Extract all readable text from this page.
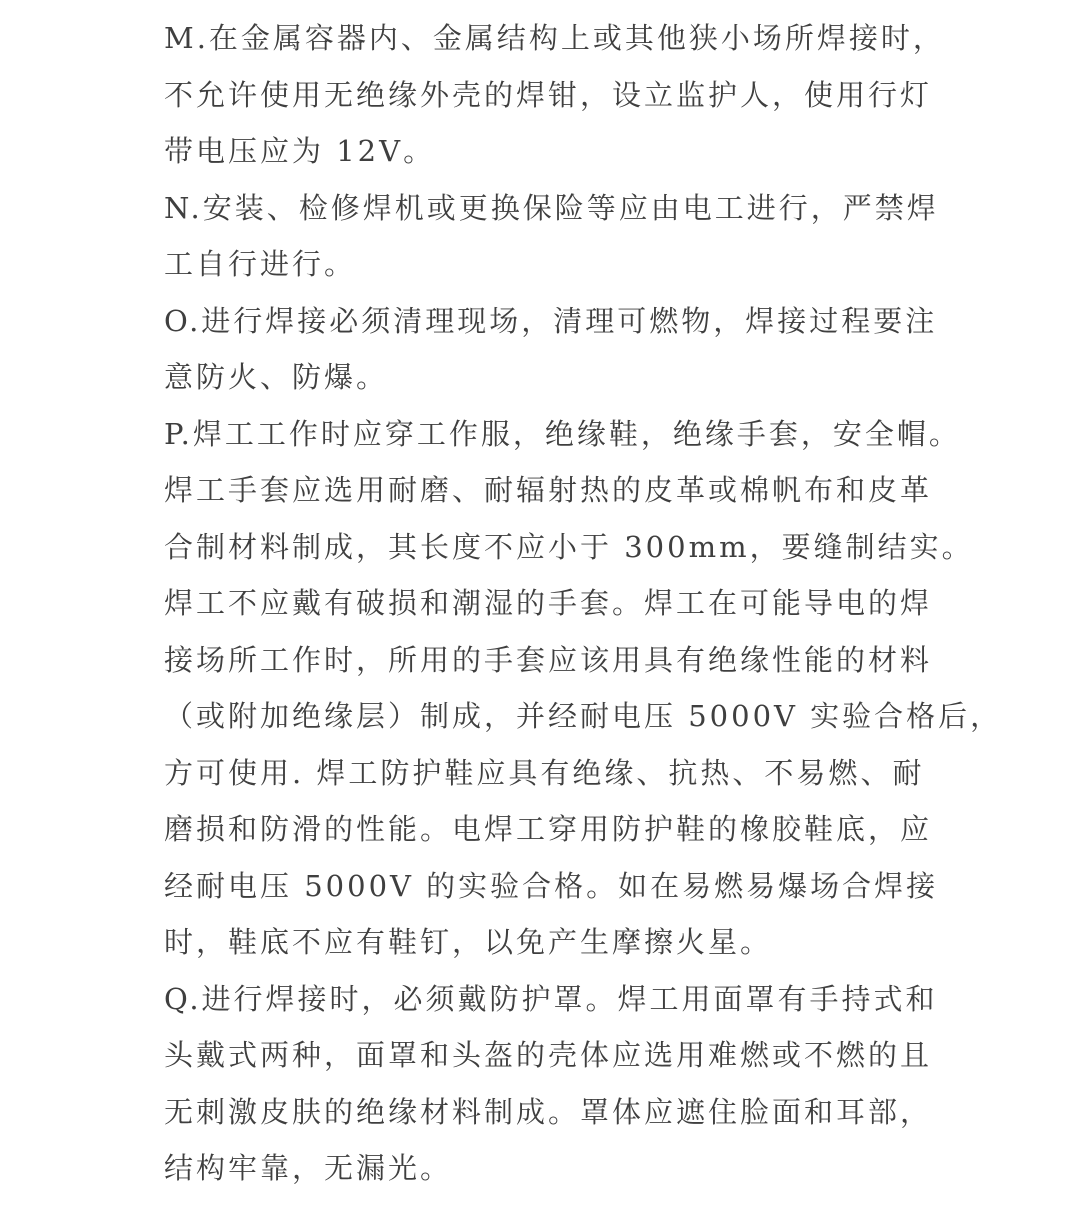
M.在金属容器内、金属结构上或其他狭小场所焊接时，
不允许使用无绝缘外壳的焊钳，设立监护人，使用行灯
带电压应为 12V。
N.安装、检修焊机或更换保险等应由电工进行，严禁焊
工自行进行。
O.进行焊接必须清理现场，清理可燃物，焊接过程要注
意防火、防爆。
P.焊工工作时应穿工作服，绝缘鞋，绝缘手套，安全帽。
焊工手套应选用耐磨、耐辐射热的皮革或棉帆布和皮革
合制材料制成，其长度不应小于 300mm，要缝制结实。
焊工不应戴有破损和潮湿的手套。焊工在可能导电的焊
接场所工作时，所用的手套应该用具有绝缘性能的材料
（或附加绝缘层）制成，并经耐电压 5000V 实验合格后，
方可使用. 焊工防护鞋应具有绝缘、抗热、不易燃、耐
磨损和防滑的性能。电焊工穿用防护鞋的橡胶鞋底，应
经耐电压 5000V 的实验合格。如在易燃易爆场合焊接
时，鞋底不应有鞋钉，以免产生摩擦火星。
Q.进行焊接时，必须戴防护罩。焊工用面罩有手持式和
头戴式两种，面罩和头盔的壳体应选用难燃或不燃的且
无刺激皮肤的绝缘材料制成。罩体应遮住脸面和耳部，
结构牢靠，无漏光。
